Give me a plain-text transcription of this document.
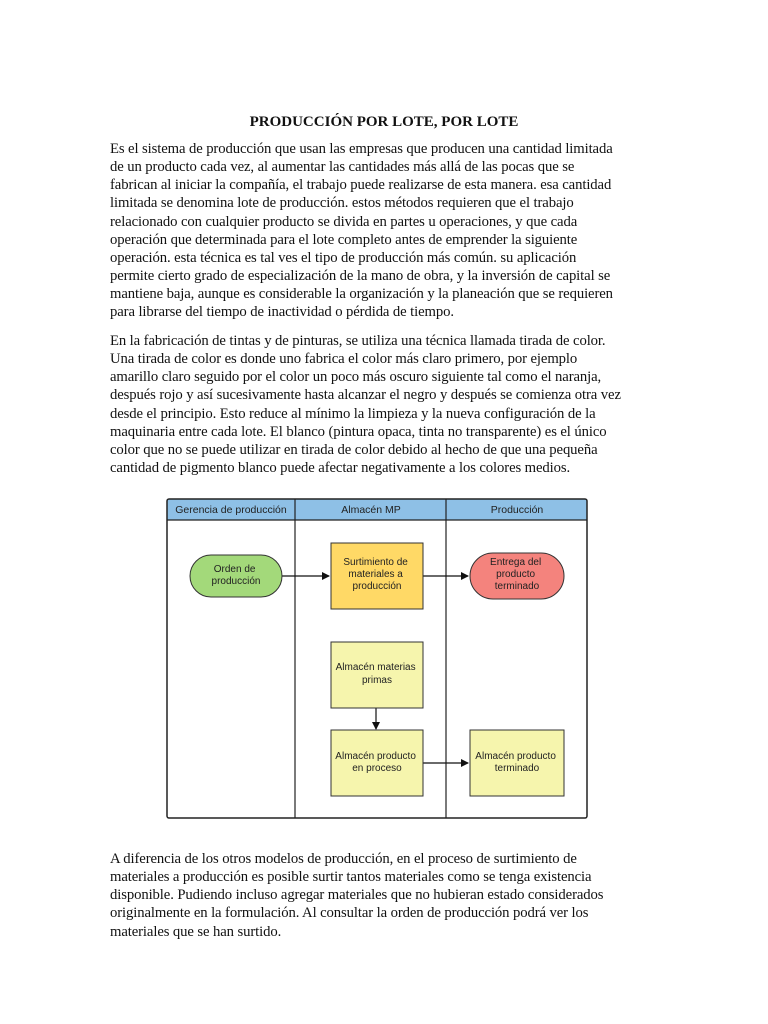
PRODUCCIÓN POR LOTE, POR LOTE
Es el sistema de producción que usan las empresas que producen una cantidad limitada
de un producto cada vez, al aumentar las cantidades más allá de las pocas que se
fabrican al iniciar la compañía, el trabajo puede realizarse de esta manera. esa cantidad
limitada se denomina lote de producción. estos métodos requieren que el trabajo
relacionado con cualquier producto se divida en partes u operaciones, y que cada
operación que determinada para el lote completo antes de emprender la siguiente
operación. esta técnica es tal ves el tipo de producción más común. su aplicación
permite cierto grado de especialización de la mano de obra, y la inversión de capital se
mantiene baja, aunque es considerable la organización y la planeación que se requieren
para librarse del tiempo de inactividad o pérdida de tiempo.
En la fabricación de tintas y de pinturas, se utiliza una técnica llamada tirada de color.
Una tirada de color es donde uno fabrica el color más claro primero, por ejemplo
amarillo claro seguido por el color un poco más oscuro siguiente tal como el naranja,
después rojo y así sucesivamente hasta alcanzar el negro y después se comienza otra vez
desde el principio. Esto reduce al mínimo la limpieza y la nueva configuración de la
maquinaria entre cada lote. El blanco (pintura opaca, tinta no transparente) es el único
color que no se puede utilizar en tirada de color debido al hecho de que una pequeña
cantidad de pigmento blanco puede afectar negativamente a los colores medios.
Gerencia de producción	Almacén MP	Producción
Orden de producción
Surtimiento de materiales a producción
Entrega del producto terminado
Almacén materias primas
Almacén producto en proceso
Almacén producto terminado
A diferencia de los otros modelos de producción, en el proceso de surtimiento de
materiales a producción es posible surtir tantos materiales como se tenga existencia
disponible. Pudiendo incluso agregar materiales que no hubieran estado considerados
originalmente en la formulación. Al consultar la orden de producción podrá ver los
materiales que se han surtido.
